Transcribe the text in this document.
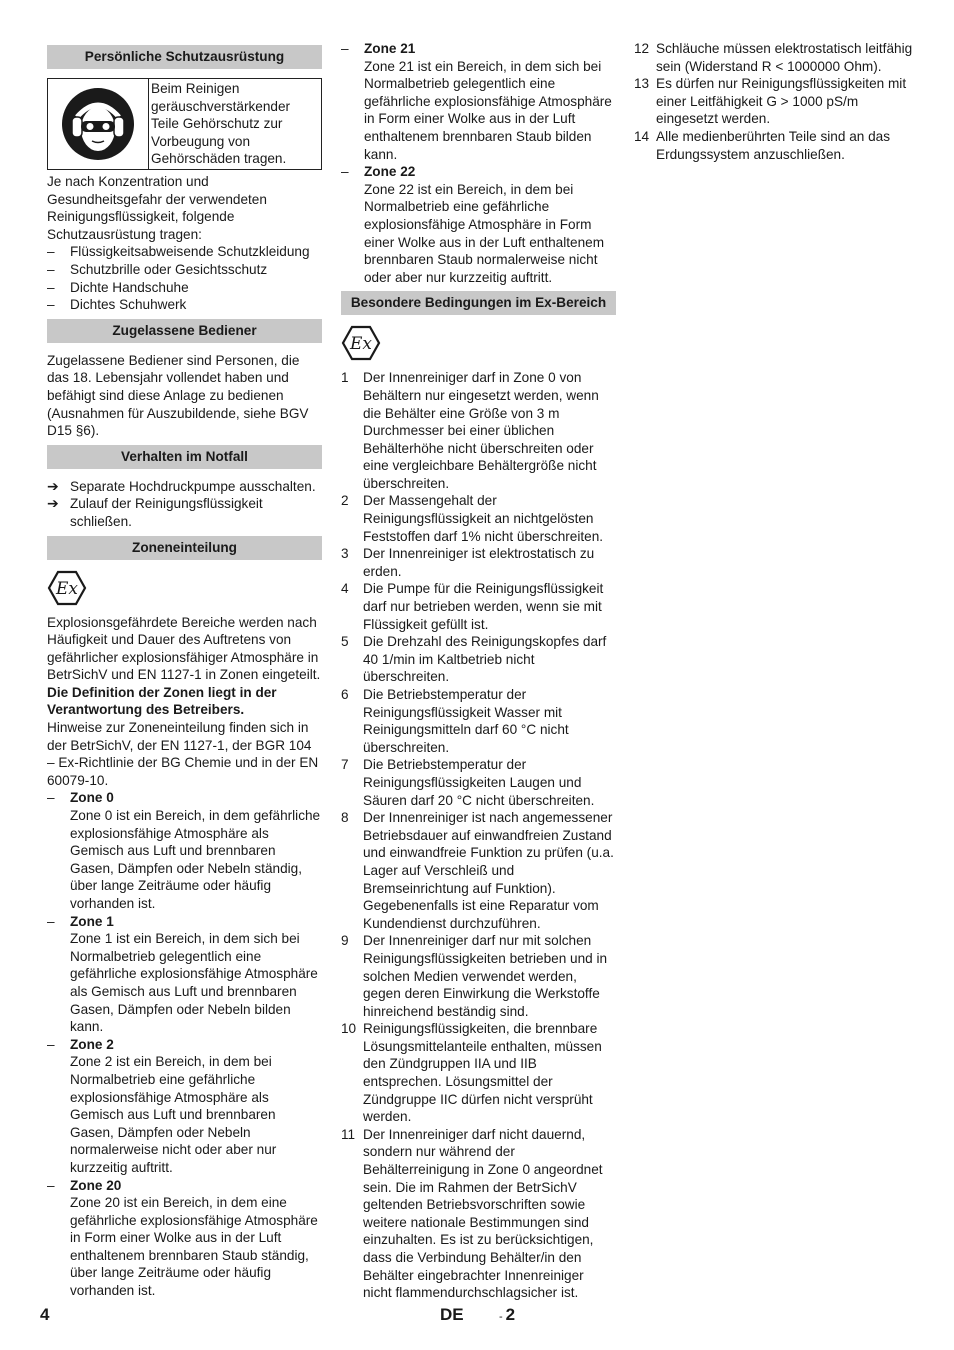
Persönliche Schutzausrüstung
Beim Reinigen geräuschverstärkender Teile Gehörschutz zur Vorbeugung von Gehörschäden tragen.

Je nach Konzentration und Gesundheitsgefahr der verwendeten Reinigungsflüssigkeit, folgende Schutzausrüstung tragen:

– Flüssigkeitsabweisende Schutzkleidung
– Schutzbrille oder Gesichtsschutz
– Dichte Handschuhe
– Dichtes Schuhwerk
Zugelassene Bediener

Zugelassene Bediener sind Personen, die das 18. Lebensjahr vollendet haben und befähigt sind diese Anlage zu bedienen (Ausnahmen für Auszubildende, siehe BGV D15 §6).

Verhalten im Notfall
➔ Separate Hochdruckpumpe ausschalten.
➔ Zulauf der Reinigungsflüssigkeit schließen.
Zoneneinteilung
Ex

Explosionsgefährdete Bereiche werden nach Häufigkeit und Dauer des Auftretens von gefährlicher explosionsfähiger Atmosphäre in BetrSichV und EN 1127-1 in Zonen eingeteilt.

Die Definition der Zonen liegt in der Verantwortung des Betreibers.

Hinweise zur Zoneneinteilung finden sich in der BetrSichV, der EN 1127-1, der BGR 104 – Ex-Richtlinie der BG Chemie und in der EN 60079-10.

– Zone 0
Zone 0 ist ein Bereich, in dem gefährliche explosionsfähige Atmosphäre als Gemisch aus Luft und brennbaren Gasen, Dämpfen oder Nebeln ständig, über lange Zeiträume oder häufig vorhanden ist.
– Zone 1
Zone 1 ist ein Bereich, in dem sich bei Normalbetrieb gelegentlich eine gefährliche explosionsfähige Atmosphäre als Gemisch aus Luft und brennbaren Gasen, Dämpfen oder Nebeln bilden kann.
– Zone 2
Zone 2 ist ein Bereich, in dem bei Normalbetrieb eine gefährliche explosionsfähige Atmosphäre als Gemisch aus Luft und brennbaren Gasen, Dämpfen oder Nebeln normalerweise nicht oder aber nur kurzzeitig auftritt.
– Zone 20
Zone 20 ist ein Bereich, in dem eine gefährliche explosionsfähige Atmosphäre in Form einer Wolke aus in der Luft enthaltenem brennbaren Staub ständig, über lange Zeiträume oder häufig vorhanden ist.
– Zone 21
Zone 21 ist ein Bereich, in dem sich bei Normalbetrieb gelegentlich eine gefährliche explosionsfähige Atmosphäre in Form einer Wolke aus in der Luft enthaltenem brennbaren Staub bilden kann.
– Zone 22
Zone 22 ist ein Bereich, in dem bei Normalbetrieb eine gefährliche explosionsfähige Atmosphäre in Form einer Wolke aus in der Luft enthaltenem brennbaren Staub normalerweise nicht oder aber nur kurzzeitig auftritt.
Besondere Bedingungen im Ex-Bereich
Ex
1 Der Innenreiniger darf in Zone 0 von Behältern nur eingesetzt werden, wenn die Behälter eine Größe von 3 m Durchmesser bei einer üblichen Behälterhöhe nicht überschreiten oder eine vergleichbare Behältergröße nicht überschreiten.
2 Der Massengehalt der Reinigungsflüssigkeit an nichtgelösten Feststoffen darf 1% nicht überschreiten.
3 Der Innenreiniger ist elektrostatisch zu erden.
4 Die Pumpe für die Reinigungsflüssigkeit darf nur betrieben werden, wenn sie mit Flüssigkeit gefüllt ist.
5 Die Drehzahl des Reinigungskopfes darf 40 1/min im Kaltbetrieb nicht überschreiten.
6 Die Betriebstemperatur der Reinigungsflüssigkeit Wasser mit Reinigungsmitteln darf 60 °C nicht überschreiten.
7 Die Betriebstemperatur der Reinigungsflüssigkeiten Laugen und Säuren darf 20 °C nicht überschreiten.
8 Der Innenreiniger ist nach angemessener Betriebsdauer auf einwandfreien Zustand und einwandfreie Funktion zu prüfen (u.a. Lager auf Verschleiß und Bremseinrichtung auf Funktion). Gegebenenfalls ist eine Reparatur vom Kundendienst durchzuführen.
9 Der Innenreiniger darf nur mit solchen Reinigungsflüssigkeiten betrieben und in solchen Medien verwendet werden, gegen deren Einwirkung die Werkstoffe hinreichend beständig sind.
10 Reinigungsflüssigkeiten, die brennbare Lösungsmittelanteile enthalten, müssen den Zündgruppen IIA und IIB entsprechen. Lösungsmittel der Zündgruppe IIC dürfen nicht versprüht werden.
11 Der Innenreiniger darf nicht dauernd, sondern nur während der Behälterreinigung in Zone 0 angeordnet sein. Die im Rahmen der BetrSichV geltenden Betriebsvorschriften sowie weitere nationale Bestimmungen sind einzuhalten. Es ist zu berücksichtigen, dass die Verbindung Behälter/in den Behälter eingebrachter Innenreiniger nicht flammendurchschlagsicher ist.
12 Schläuche müssen elektrostatisch leitfähig sein (Widerstand R < 1000000 Ohm).
13 Es dürfen nur Reinigungsflüssigkeiten mit einer Leitfähigkeit G > 1000 pS/m eingesetzt werden.
14 Alle medienberührten Teile sind an das Erdungssystem anzuschließen.
4	DE	- 2
